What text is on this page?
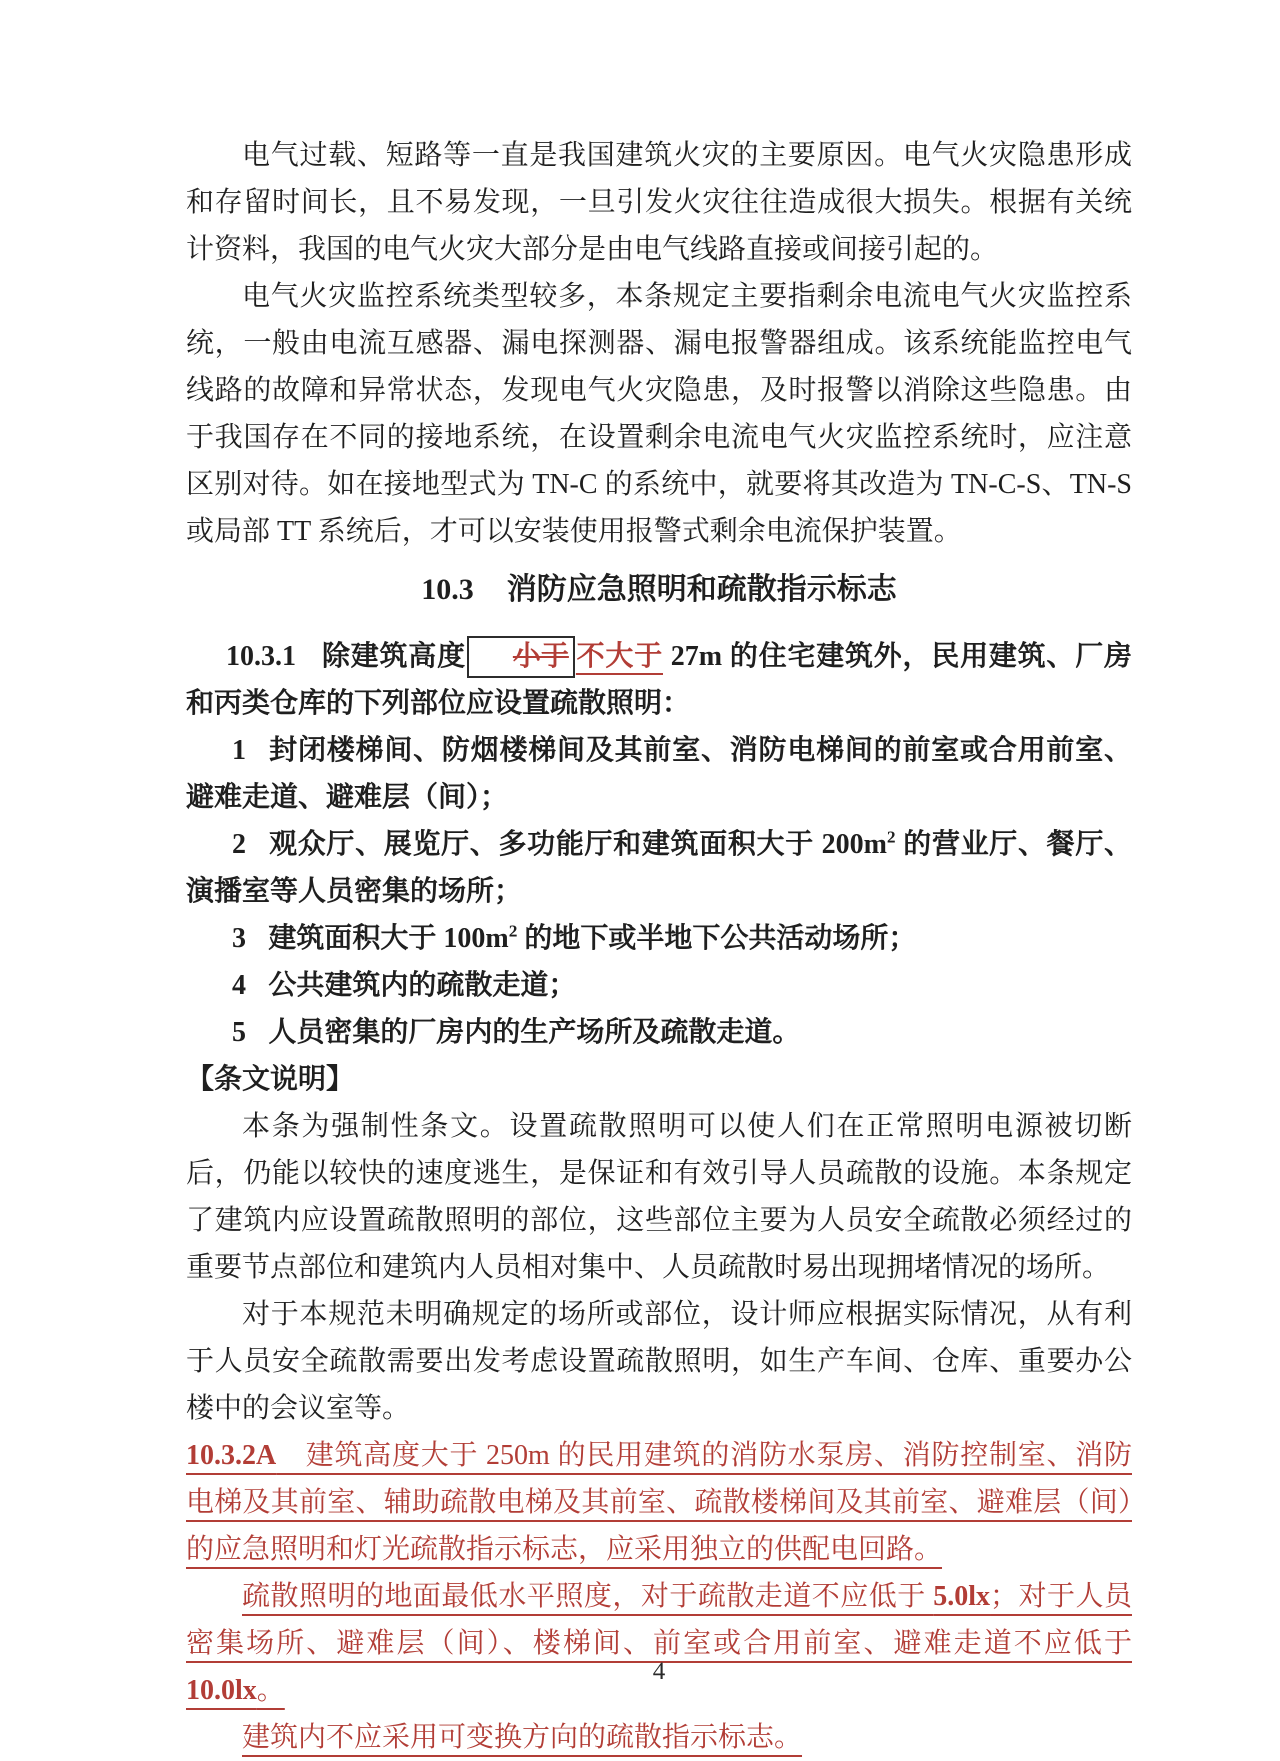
电气过载、短路等一直是我国建筑火灾的主要原因。电气火灾隐患形成和存留时间长，且不易发现，一旦引发火灾往往造成很大损失。根据有关统计资料，我国的电气火灾大部分是由电气线路直接或间接引起的。

电气火灾监控系统类型较多，本条规定主要指剩余电流电气火灾监控系统，一般由电流互感器、漏电探测器、漏电报警器组成。该系统能监控电气线路的故障和异常状态，发现电气火灾隐患，及时报警以消除这些隐患。由于我国存在不同的接地系统，在设置剩余电流电气火灾监控系统时，应注意区别对待。如在接地型式为 TN-C 的系统中，就要将其改造为 TN-C-S、TN-S 或局部 TT 系统后，才可以安装使用报警式剩余电流保护装置。

10.3 消防应急照明和疏散指示标志

10.3.1 除建筑高度 小于 不大于 27m 的住宅建筑外，民用建筑、厂房和丙类仓库的下列部位应设置疏散照明：

1 封闭楼梯间、防烟楼梯间及其前室、消防电梯间的前室或合用前室、避难走道、避难层（间）；

2 观众厅、展览厅、多功能厅和建筑面积大于 $200m^2$ 的营业厅、餐厅、演播室等人员密集的场所；

3 建筑面积大于 $100m^2$ 的地下或半地下公共活动场所；

4 公共建筑内的疏散走道；

5 人员密集的厂房内的生产场所及疏散走道。

【条文说明】

本条为强制性条文。设置疏散照明可以使人们在正常照明电源被切断后，仍能以较快的速度逃生，是保证和有效引导人员疏散的设施。本条规定了建筑内应设置疏散照明的部位，这些部位主要为人员安全疏散必须经过的重要节点部位和建筑内人员相对集中、人员疏散时易出现拥堵情况的场所。

对于本规范未明确规定的场所或部位，设计师应根据实际情况，从有利于人员安全疏散需要出发考虑设置疏散照明，如生产车间、仓库、重要办公楼中的会议室等。

10.3.2A　建筑高度大于 250m 的民用建筑的消防水泵房、消防控制室、消防电梯及其前室、辅助疏散电梯及其前室、疏散楼梯间及其前室、避难层（间）的应急照明和灯光疏散指示标志，应采用独立的供配电回路。

疏散照明的地面最低水平照度，对于疏散走道不应低于 5.0lx；对于人员密集场所、避难层（间）、楼梯间、前室或合用前室、避难走道不应低于 10.0lx。

建筑内不应采用可变换方向的疏散指示标志。

4
